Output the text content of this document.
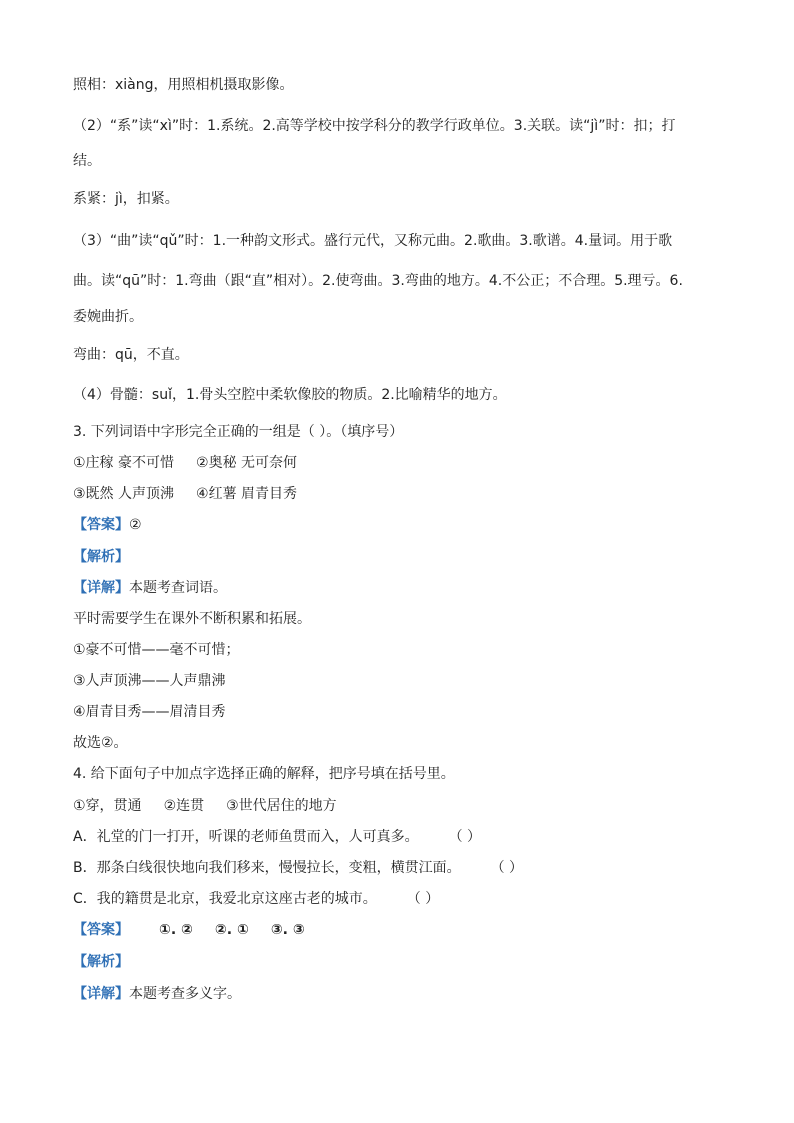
照相：xiàng，用照相机摄取影像。
（2）“系”读“xì”时：1.系统。2.高等学校中按学科分的教学行政单位。3.关联。读“jì”时：扣；打
结。
系紧：jì，扣紧。
（3）“曲”读“qǔ”时：1.一种韵文形式。盛行元代，又称元曲。2.歌曲。3.歌谱。4.量词。用于歌
曲。读“qū”时：1.弯曲（跟“直”相对）。2.使弯曲。3.弯曲的地方。4.不公正；不合理。5.理亏。6.
委婉曲折。
弯曲：qū，不直。
（4）骨髓：suǐ，1.骨头空腔中柔软像胶的物质。2.比喻精华的地方。
3. 下列词语中字形完全正确的一组是（ ）。（填序号）
①庄稼 豪不可惜 ②奥秘 无可奈何
③既然 人声顶沸 ④红薯 眉青目秀
【答案】②
【解析】
【详解】本题考查词语。
平时需要学生在课外不断积累和拓展。
①豪不可惜——毫不可惜；
③人声顶沸——人声鼎沸
④眉青目秀——眉清目秀
故选②。
4. 给下面句子中加点字选择正确的解释，把序号填在括号里。
①穿，贯通 ②连贯 ③世代居住的地方
A．礼堂的门一打开，听课的老师鱼贯而入，人可真多。 （ ）
B．那条白线很快地向我们移来，慢慢拉长，变粗，横贯江面。 （ ）
C．我的籍贯是北京，我爱北京这座古老的城市。 （ ）
【答案】 ①. ② ②. ① ③. ③
【解析】
【详解】本题考查多义字。
